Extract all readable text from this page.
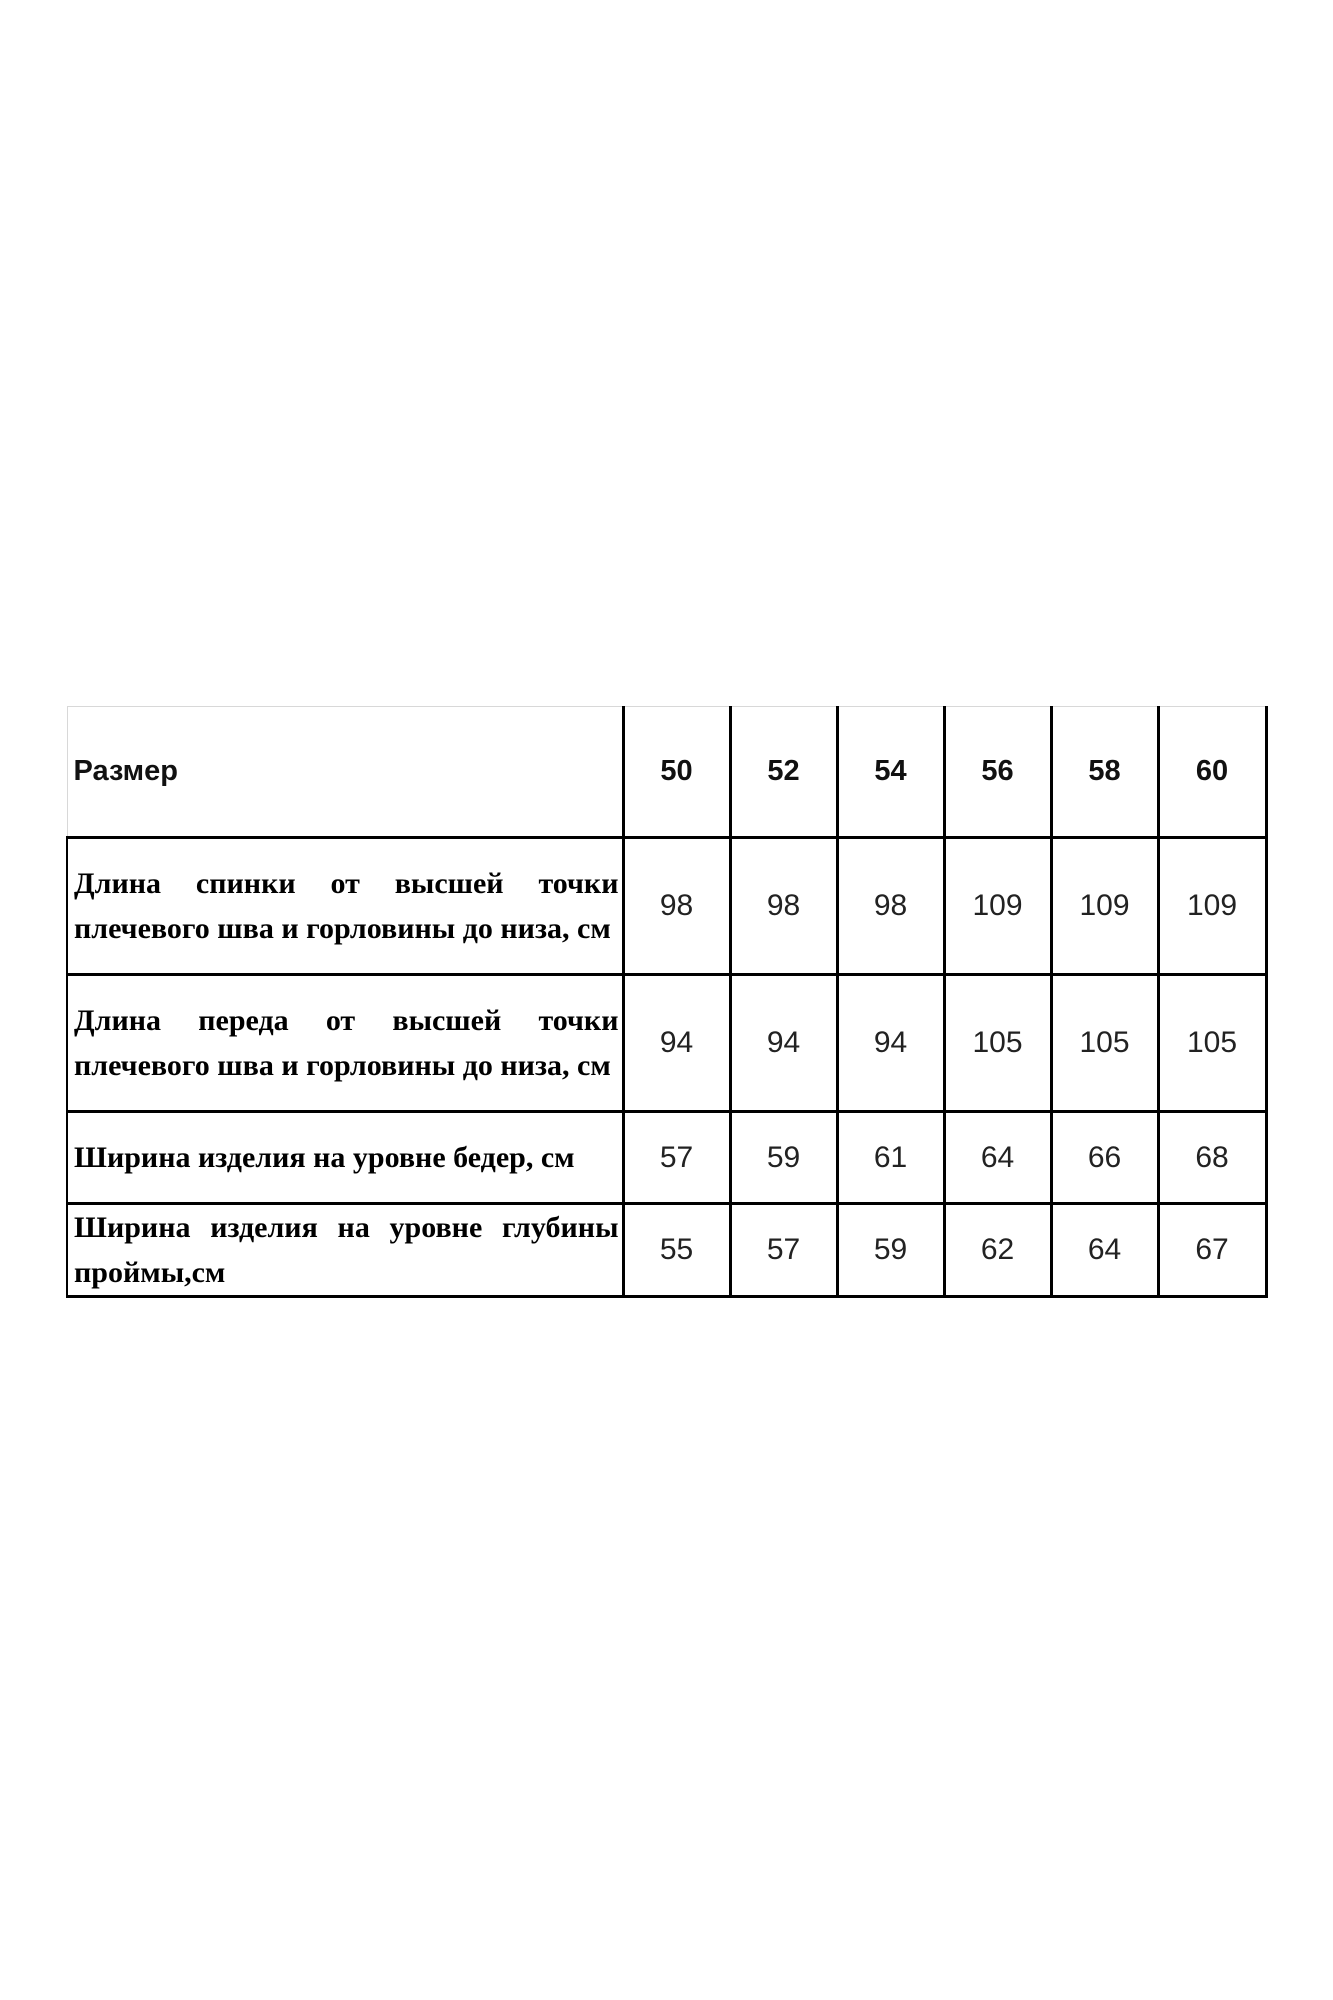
Размер	50	52	54	56	58	60
Длина спинки от высшей точки плечевого шва и горловины до низа, см	98	98	98	109	109	109
Длина переда от высшей точки плечевого шва и горловины до низа, см	94	94	94	105	105	105
Ширина изделия на уровне бедер, см	57	59	61	64	66	68
Ширина изделия на уровне глубины проймы,см	55	57	59	62	64	67
